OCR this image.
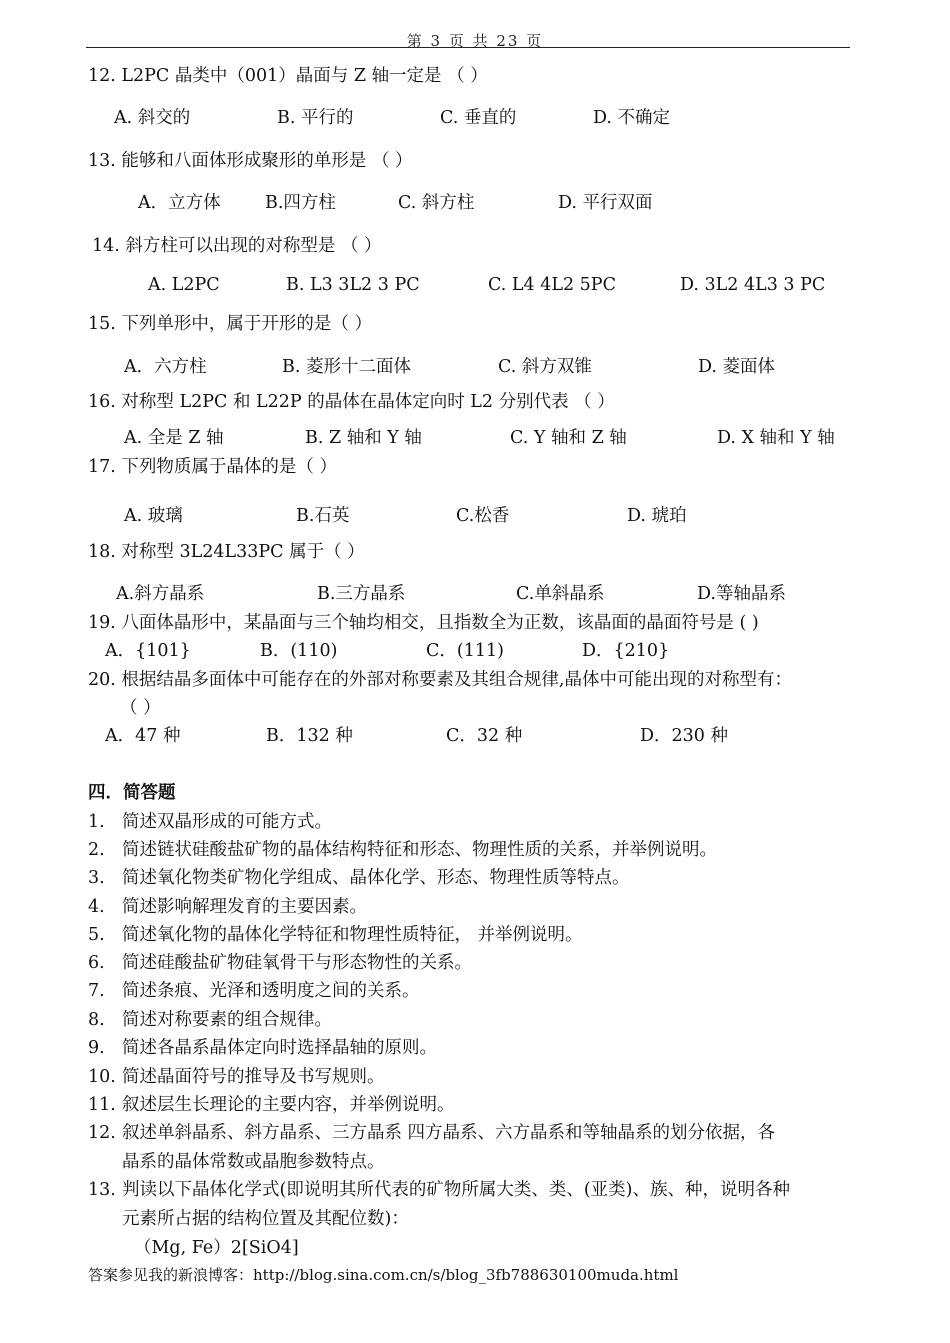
第 3 页 共 23 页
12. L2PC 晶类中（001）晶面与 Z 轴一定是 （ ）
A. 斜交的	B. 平行的	C. 垂直的	D. 不确定
13. 能够和八面体形成聚形的单形是 （ ）
A．立方体	B.四方柱	C. 斜方柱	D. 平行双面
14. 斜方柱可以出现的对称型是 （ ）
A. L2PC	B. L3 3L2 3 PC	C. L4 4L2 5PC	D. 3L2 4L3 3 PC
15. 下列单形中，属于开形的是（ ）
A．六方柱	B. 菱形十二面体	C. 斜方双锥	D. 菱面体
16. 对称型 L2PC 和 L22P 的晶体在晶体定向时 L2 分别代表 （ ）
A. 全是 Z 轴	B. Z 轴和 Y 轴	C. Y 轴和 Z 轴	D. X 轴和 Y 轴
17. 下列物质属于晶体的是（ ）
A. 玻璃	B.石英	C.松香	D. 琥珀
18. 对称型 3L24L33PC 属于（ ）
A.斜方晶系	B.三方晶系	C.单斜晶系	D.等轴晶系
19. 八面体晶形中，某晶面与三个轴均相交，且指数全为正数，该晶面的晶面符号是 ( )
A．{101}	B．(110)	C．(111)	D．{210}
20. 根据结晶多面体中可能存在的外部对称要素及其组合规律,晶体中可能出现的对称型有：
（ ）
A．47 种	B．132 种	C．32 种	D．230 种
四．简答题
1. 简述双晶形成的可能方式。
2. 简述链状硅酸盐矿物的晶体结构特征和形态、物理性质的关系，并举例说明。
3. 简述氧化物类矿物化学组成、晶体化学、形态、物理性质等特点。
4. 简述影响解理发育的主要因素。
5. 简述氧化物的晶体化学特征和物理性质特征， 并举例说明。
6. 简述硅酸盐矿物硅氧骨干与形态物性的关系。
7. 简述条痕、光泽和透明度之间的关系。
8. 简述对称要素的组合规律。
9. 简述各晶系晶体定向时选择晶轴的原则。
10. 简述晶面符号的推导及书写规则。
11. 叙述层生长理论的主要内容，并举例说明。
12. 叙述单斜晶系、斜方晶系、三方晶系 四方晶系、六方晶系和等轴晶系的划分依据，各
晶系的晶体常数或晶胞参数特点。
13. 判读以下晶体化学式(即说明其所代表的矿物所属大类、类、(亚类)、族、种，说明各种
元素所占据的结构位置及其配位数)：
（Mg, Fe）2[SiO4]
答案参见我的新浪博客：http://blog.sina.com.cn/s/blog_3fb788630100muda.html
